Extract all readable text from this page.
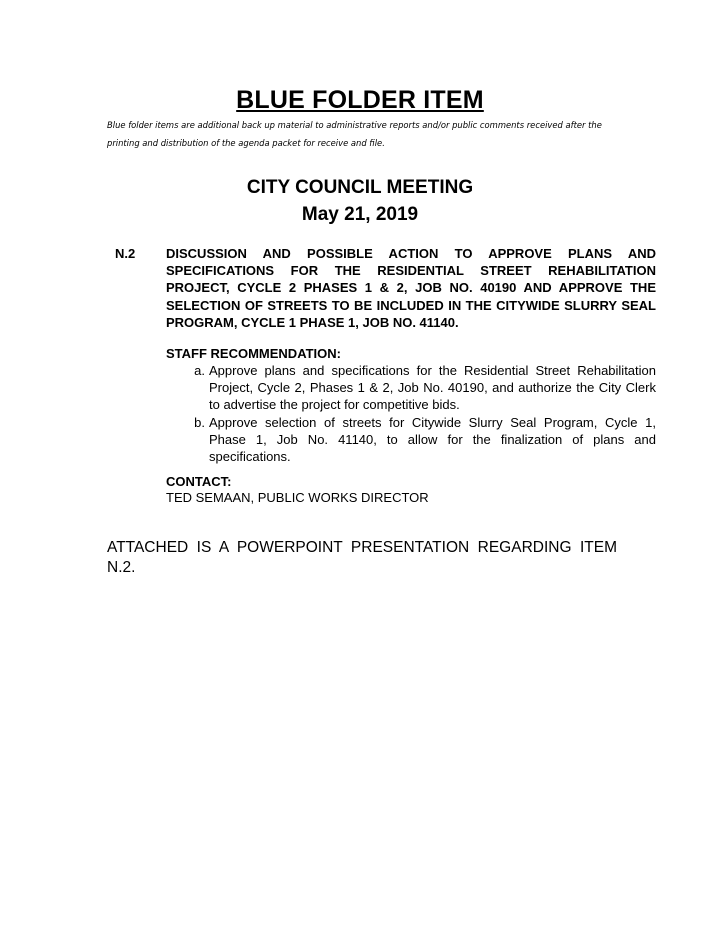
BLUE FOLDER ITEM
Blue folder items are additional back up material to administrative reports and/or public comments received after the printing and distribution of the agenda packet for receive and file.
CITY COUNCIL MEETING
May 21, 2019
N.2 DISCUSSION AND POSSIBLE ACTION TO APPROVE PLANS AND SPECIFICATIONS FOR THE RESIDENTIAL STREET REHABILITATION PROJECT, CYCLE 2 PHASES 1 & 2, JOB NO. 40190 AND APPROVE THE SELECTION OF STREETS TO BE INCLUDED IN THE CITYWIDE SLURRY SEAL PROGRAM, CYCLE 1 PHASE 1, JOB NO. 41140.
STAFF RECOMMENDATION:
a. Approve plans and specifications for the Residential Street Rehabilitation Project, Cycle 2, Phases 1 & 2, Job No. 40190, and authorize the City Clerk to advertise the project for competitive bids.
b. Approve selection of streets for Citywide Slurry Seal Program, Cycle 1, Phase 1, Job No. 41140, to allow for the finalization of plans and specifications.
CONTACT:
TED SEMAAN, PUBLIC WORKS DIRECTOR
ATTACHED IS A POWERPOINT PRESENTATION REGARDING ITEM N.2.
